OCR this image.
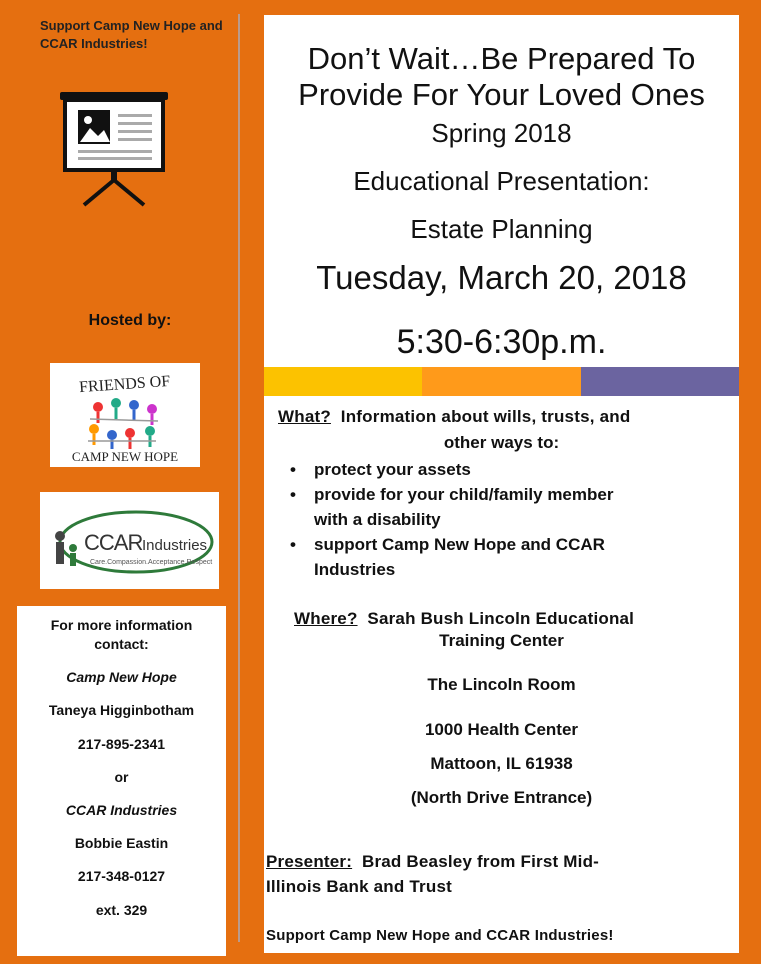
Support Camp New Hope and CCAR Industries!
Hosted by:
FRIENDS OF
CAMP NEW HOPE
CCAR Industries
Care.Compassion.Acceptance.Respect
For more information contact:
Camp New Hope
Taneya Higginbotham
217-895-2341
or
CCAR Industries
Bobbie Eastin
217-348-0127
ext. 329
Don’t Wait…Be Prepared To
Provide For Your Loved Ones
Spring 2018
Educational Presentation:
Estate Planning
Tuesday, March 20, 2018
5:30-6:30p.m.
What? Information about wills, trusts, and
other ways to:
• protect your assets
• provide for your child/family member
with a disability
• support Camp New Hope and CCAR
Industries
Where? Sarah Bush Lincoln Educational
Training Center
The Lincoln Room
1000 Health Center
Mattoon, IL 61938
(North Drive Entrance)
Presenter: Brad Beasley from First Mid-
Illinois Bank and Trust
Support Camp New Hope and CCAR Industries!
